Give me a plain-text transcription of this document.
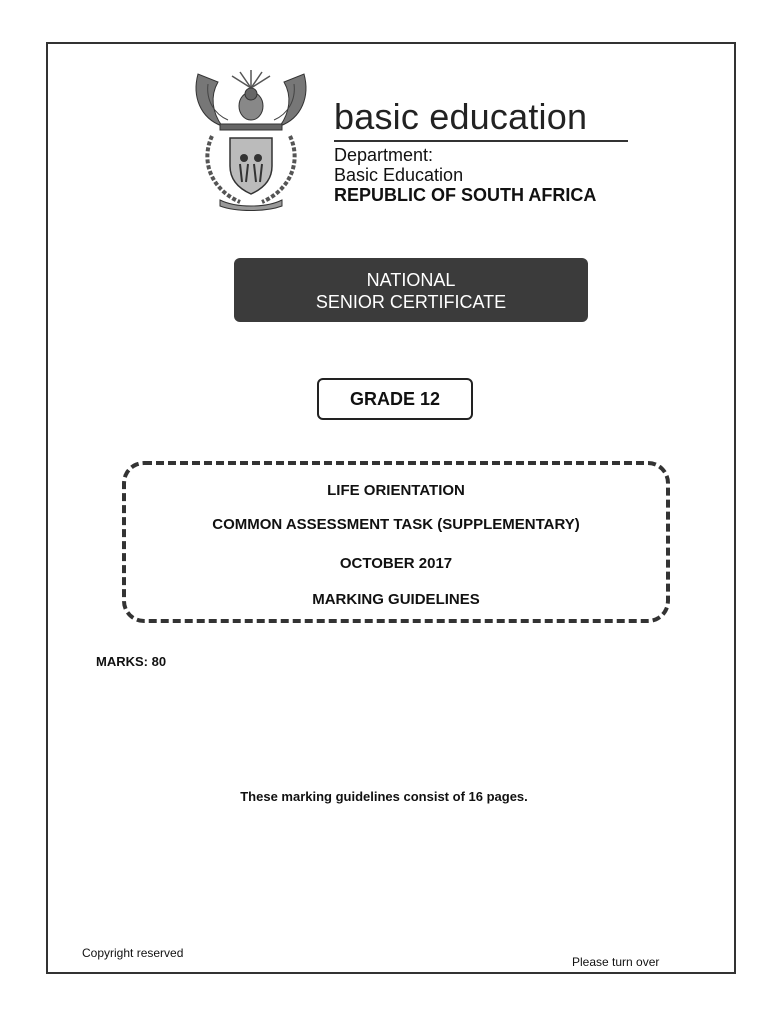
basic education
Department:
Basic Education
REPUBLIC OF SOUTH AFRICA
NATIONAL
SENIOR CERTIFICATE
GRADE 12
LIFE ORIENTATION
COMMON ASSESSMENT TASK (SUPPLEMENTARY)
OCTOBER 2017
MARKING GUIDELINES
MARKS: 80
These marking guidelines consist of 16 pages.
Copyright reserved
Please turn over
